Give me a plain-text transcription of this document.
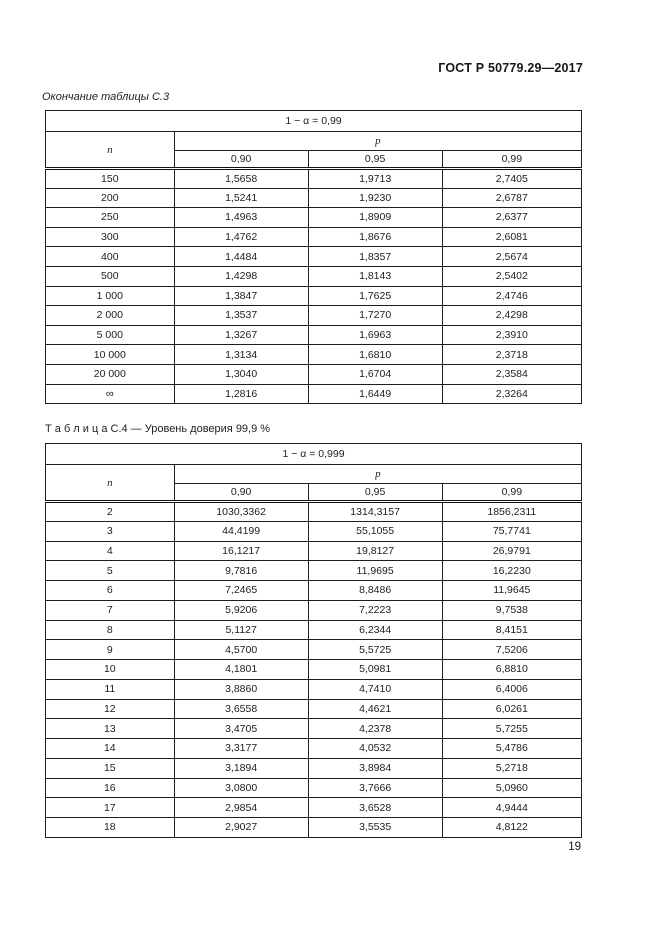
ГОСТ Р 50779.29—2017
Окончание таблицы С.3
1 − α = 0,99			
n	p		
	0,90	0,95	0,99
150	1,5658	1,9713	2,7405
200	1,5241	1,9230	2,6787
250	1,4963	1,8909	2,6377
300	1,4762	1,8676	2,6081
400	1,4484	1,8357	2,5674
500	1,4298	1,8143	2,5402
1 000	1,3847	1,7625	2,4746
2 000	1,3537	1,7270	2,4298
5 000	1,3267	1,6963	2,3910
10 000	1,3134	1,6810	2,3718
20 000	1,3040	1,6704	2,3584
∞	1,2816	1,6449	2,3264
Т а б л и ц а С.4 — Уровень доверия 99,9 %
1 − α = 0,999			
n	p		
	0,90	0,95	0,99
2	1030,3362	1314,3157	1856,2311
3	44,4199	55,1055	75,7741
4	16,1217	19,8127	26,9791
5	9,7816	11,9695	16,2230
6	7,2465	8,8486	11,9645
7	5,9206	7,2223	9,7538
8	5,1127	6,2344	8,4151
9	4,5700	5,5725	7,5206
10	4,1801	5,0981	6,8810
11	3,8860	4,7410	6,4006
12	3,6558	4,4621	6,0261
13	3,4705	4,2378	5,7255
14	3,3177	4,0532	5,4786
15	3,1894	3,8984	5,2718
16	3,0800	3,7666	5,0960
17	2,9854	3,6528	4,9444
18	2,9027	3,5535	4,8122
19
